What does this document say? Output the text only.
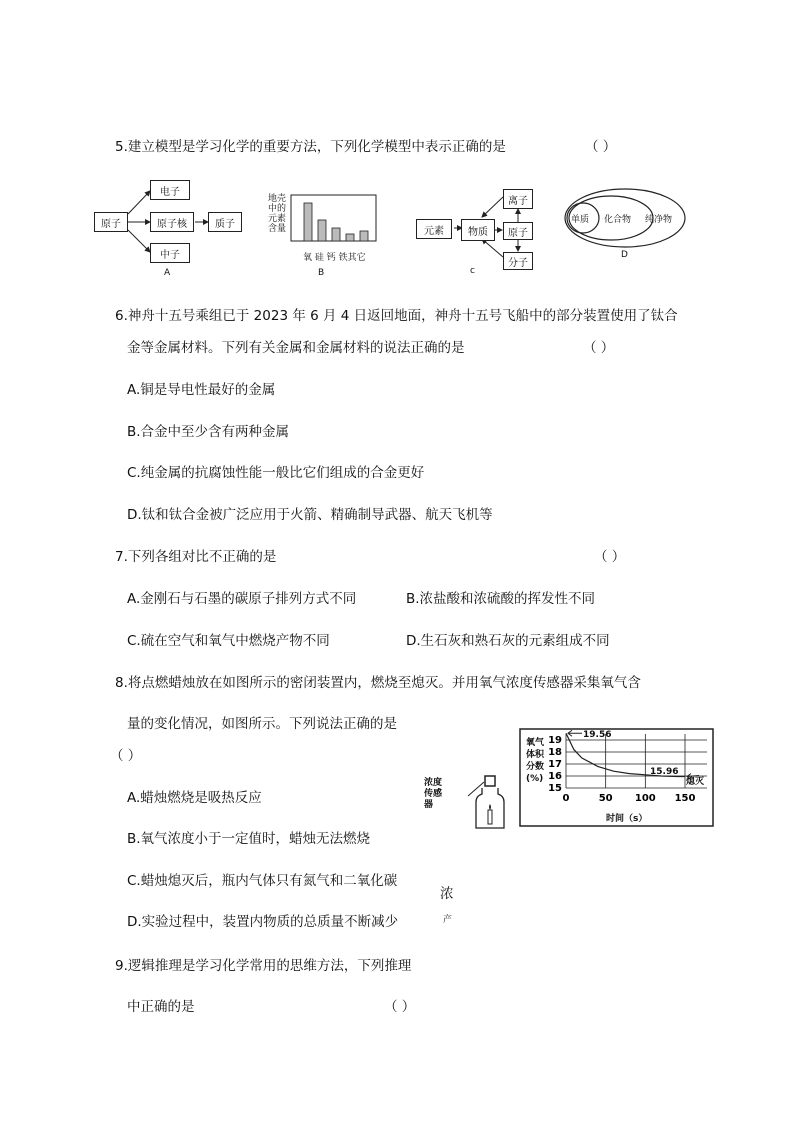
5.建立模型是学习化学的重要方法，下列化学模型中表示正确的是	（ ）
原子
电子
原子核
中子
质子
A
地壳
中的
元素
含量
氧 硅 钙 铁其它
B
元素	物质
离子
原子
分子
c
单质 化合物 纯净物
D
6.神舟十五号乘组已于 2023 年 6 月 4 日返回地面，神舟十五号飞船中的部分装置使用了钛合
金等金属材料。下列有关金属和金属材料的说法正确的是	（ ）
A.铜是导电性最好的金属
B.合金中至少含有两种金属
C.纯金属的抗腐蚀性能一般比它们组成的合金更好
D.钛和钛合金被广泛应用于火箭、精确制导武器、航天飞机等
7.下列各组对比不正确的是	（ ）
A.金刚石与石墨的碳原子排列方式不同	B.浓盐酸和浓硫酸的挥发性不同
C.硫在空气和氧气中燃烧产物不同	D.生石灰和熟石灰的元素组成不同
8.将点燃蜡烛放在如图所示的密闭装置内，燃烧至熄灭。并用氧气浓度传感器采集氧气含
量的变化情况，如图所示。下列说法正确的是
（ ）
A.蜡烛燃烧是吸热反应
B.氧气浓度小于一定值时，蜡烛无法燃烧
C.蜡烛熄灭后，瓶内气体只有氮气和二氧化碳
D.实验过程中，装置内物质的总质量不断减少
浓
产
浓度
传感
器
19
18
17
16
15
0	50 100 150
氧气
体积
分数
(%)
19.56
15.96
熄灭
时间（s）
9.逻辑推理是学习化学常用的思维方法，下列推理
中正确的是	（ ）
